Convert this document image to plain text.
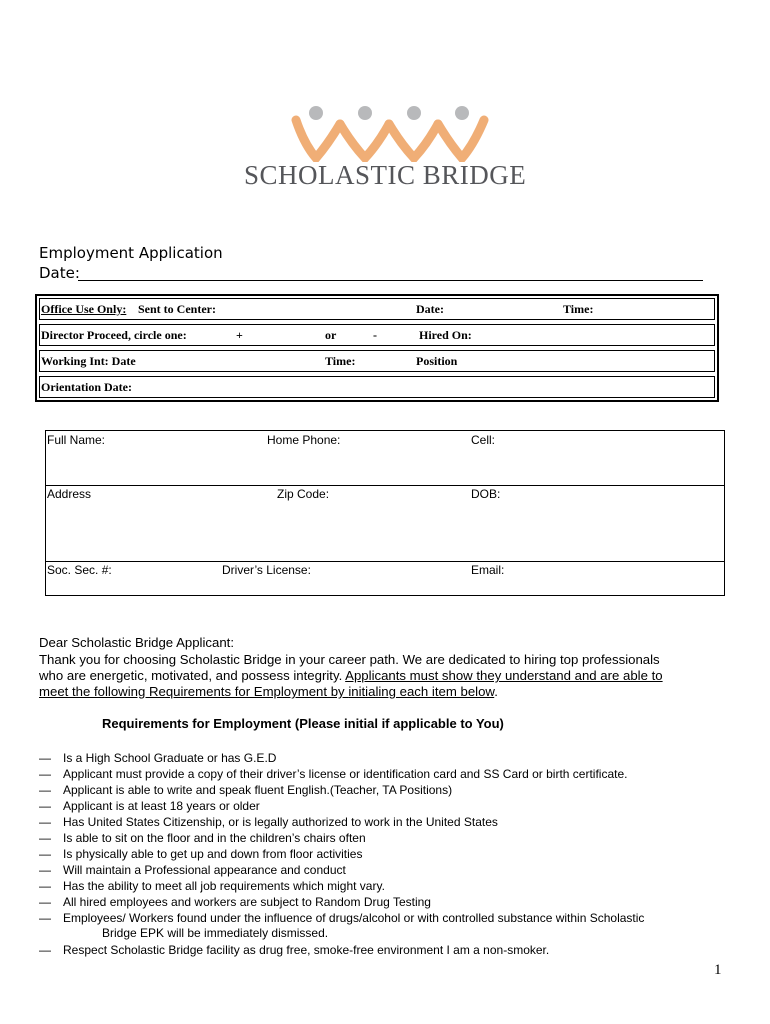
SCHOLASTIC BRIDGE
Employment Application
Date:
Office Use Only: Sent to Center:	Date:	Time:
Director Proceed, circle one:	+	or	-	Hired On:
Working Int: Date	Time:	Position
Orientation Date:
Full Name:	Home Phone:	Cell:
Address	Zip Code:	DOB:
Soc. Sec. #:	Driver’s License:	Email:
Dear Scholastic Bridge Applicant:
Thank you for choosing Scholastic Bridge in your career path. We are dedicated to hiring top professionals
who are energetic, motivated, and possess integrity. Applicants must show they understand and are able to
meet the following Requirements for Employment by initialing each item below.
Requirements for Employment (Please initial if applicable to You)
— Is a High School Graduate or has G.E.D
— Applicant must provide a copy of their driver’s license or identification card and SS Card or birth certificate.
— Applicant is able to write and speak fluent English.(Teacher, TA Positions)
— Applicant is at least 18 years or older
— Has United States Citizenship, or is legally authorized to work in the United States
— Is able to sit on the floor and in the children’s chairs often
— Is physically able to get up and down from floor activities
— Will maintain a Professional appearance and conduct
— Has the ability to meet all job requirements which might vary.
— All hired employees and workers are subject to Random Drug Testing
— Employees/ Workers found under the influence of drugs/alcohol or with controlled substance within Scholastic
Bridge EPK will be immediately dismissed.
— Respect Scholastic Bridge facility as drug free, smoke-free environment I am a non-smoker.
1
